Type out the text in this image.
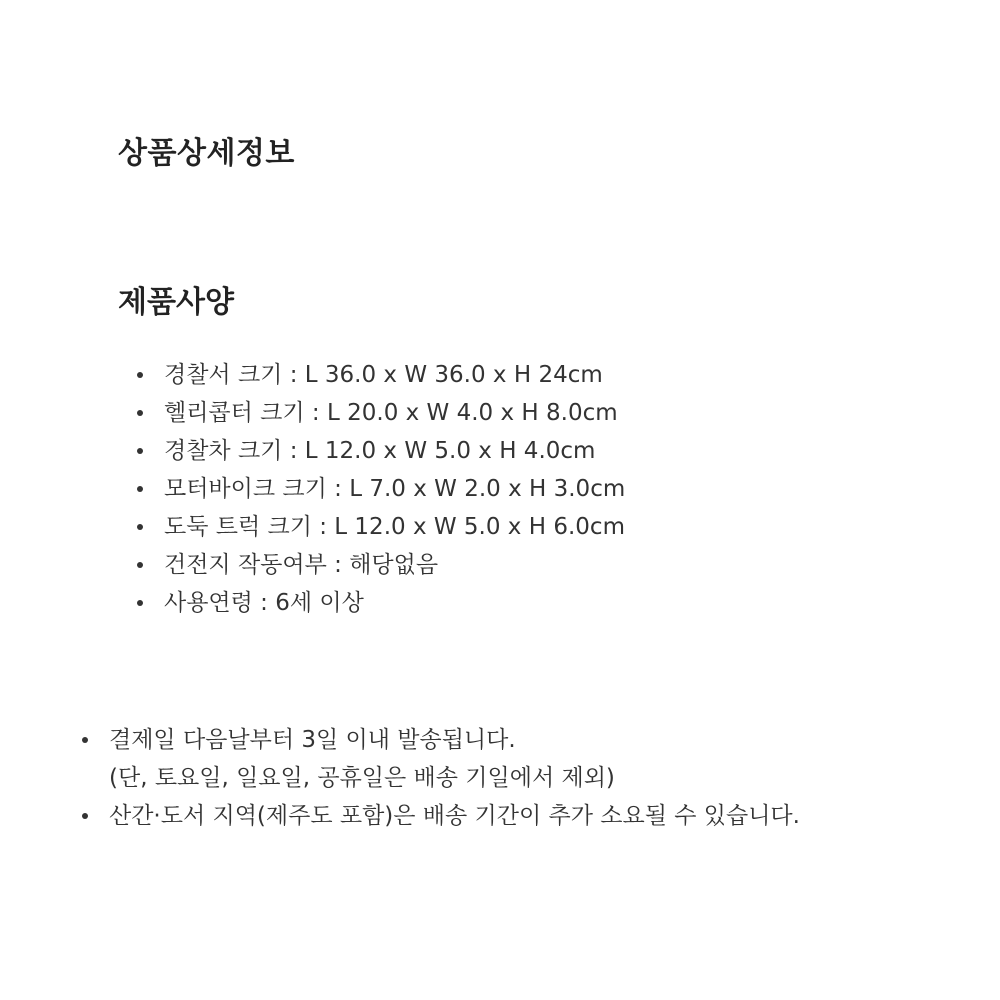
상품상세정보
제품사양
경찰서 크기 : L 36.0 x W 36.0 x H 24cm
헬리콥터 크기 : L 20.0 x W 4.0 x H 8.0cm
경찰차 크기 : L 12.0 x W 5.0 x H 4.0cm
모터바이크 크기 : L 7.0 x W 2.0 x H 3.0cm
도둑 트럭 크기 : L 12.0 x W 5.0 x H 6.0cm
건전지 작동여부 : 해당없음
사용연령 : 6세 이상
결제일 다음날부터 3일 이내 발송됩니다.
(단, 토요일, 일요일, 공휴일은 배송 기일에서 제외)
산간·도서 지역(제주도 포함)은 배송 기간이 추가 소요될 수 있습니다.
